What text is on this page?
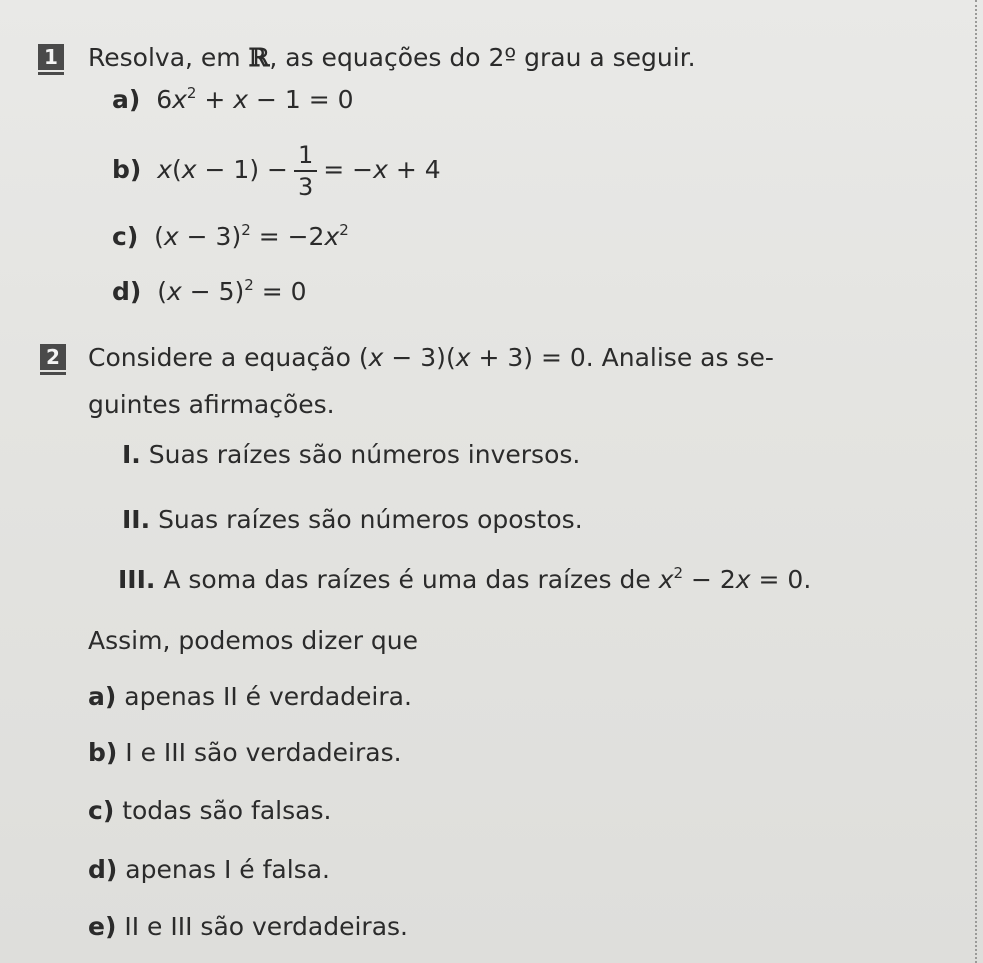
1 Resolva, em ℝ, as equações do 2º grau a seguir.
a)  $6x^2 + x - 1 = 0$
b) $x(x - 1) - \frac{1}{3} = -x + 4$
c)  $(x - 3)^2 = -2x^2$
d)  $(x - 5)^2 = 0$
2 Considere a equação (x − 3)(x + 3) = 0. Analise as se-
guintes afirmações.
I. Suas raízes são números inversos.
II. Suas raízes são números opostos.
III. A soma das raízes é uma das raízes de $x^2 - 2x = 0$.
Assim, podemos dizer que
a) apenas II é verdadeira.
b) I e III são verdadeiras.
c) todas são falsas.
d) apenas I é falsa.
e) II e III são verdadeiras.
